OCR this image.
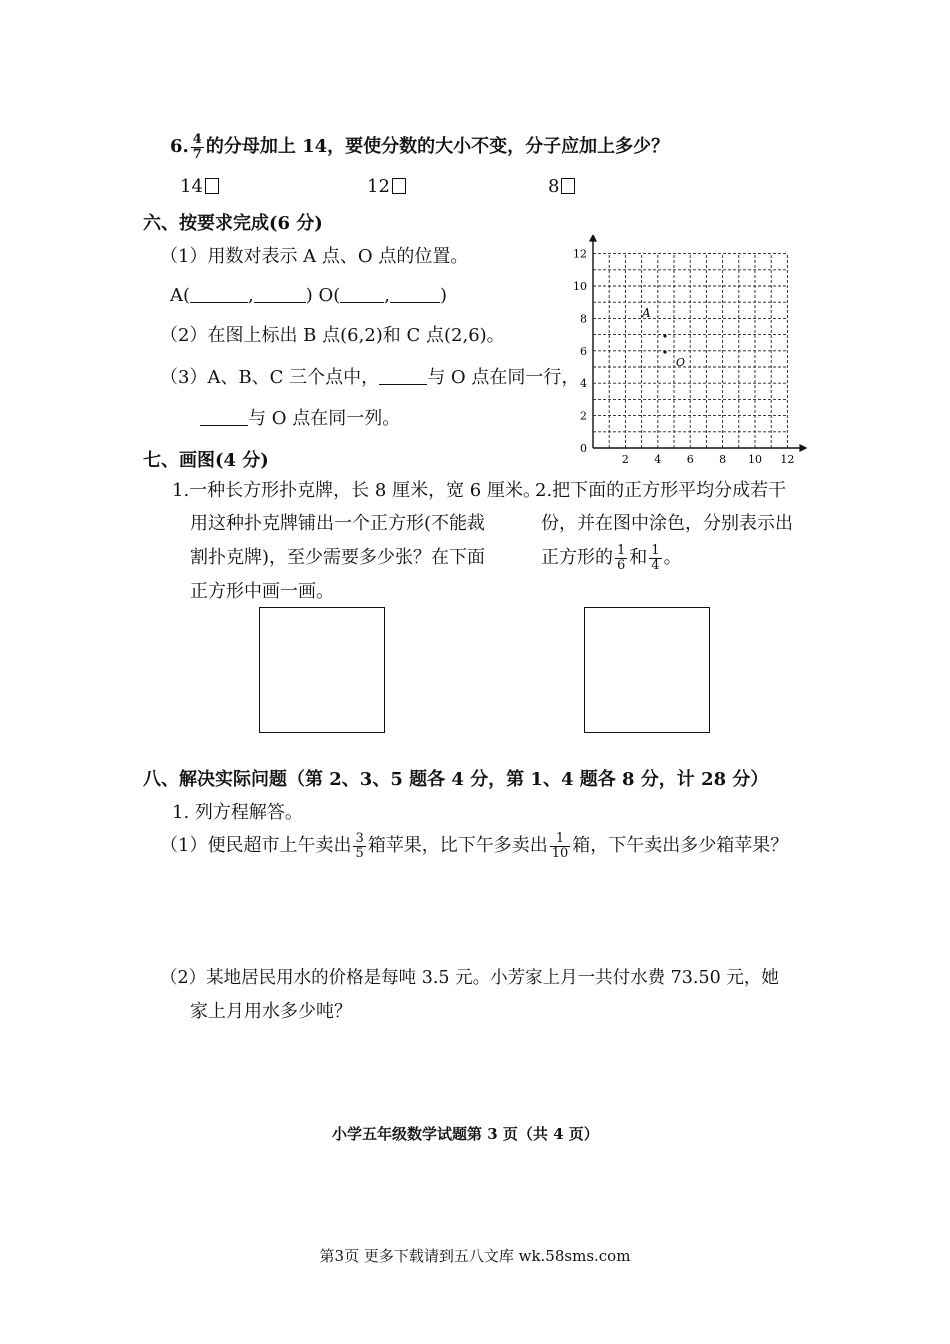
6. $\frac{4}{7}$ 的分母加上 14，要使分数的大小不变，分子应加上多少？
14	12	8
六、按要求完成(6 分)
（1）用数对表示 A 点、O 点的位置。
A(	,	) O( ,	)
（2）在图上标出 B 点(6,2)和 C 点(2,6)。
（3）A、B、C 三个点中，	与 O 点在同一行，
与 O 点在同一列。
12
10
8
6
4
2
0
2 4 6 8 10 12
A
O
七、画图(4 分)
1.一种长方形扑克牌，长 8 厘米，宽 6 厘米。
用这种扑克牌铺出一个正方形(不能裁
割扑克牌)，至少需要多少张？在下面
正方形中画一画。
2.把下面的正方形平均分成若干
份，并在图中涂色，分别表示出
正方形的 $\frac{1}{6}$ 和 $\frac{1}{4}$ 。
八、解决实际问题（第 2、3、5 题各 4 分，第 1、4 题各 8 分，计 28 分）
1. 列方程解答。
（1）便民超市上午卖出 $\frac{3}{5}$ 箱苹果，比下午多卖出 $\frac{1}{10}$ 箱，下午卖出多少箱苹果？
（2）某地居民用水的价格是每吨 3.5 元。小芳家上月一共付水费 73.50 元，她
家上月用水多少吨？
小学五年级数学试题第 3 页（共 4 页）
第3页 更多下载请到五八文库 wk.58sms.com
